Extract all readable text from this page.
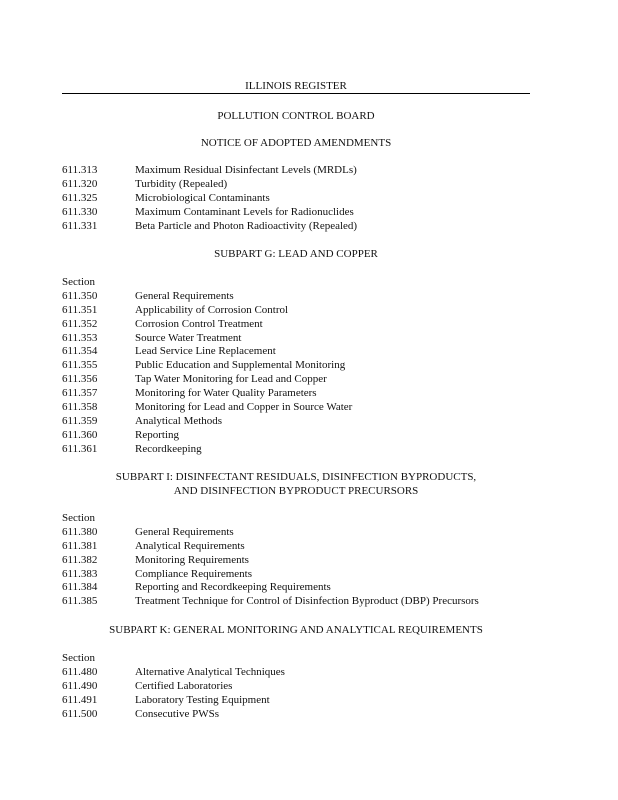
ILLINOIS REGISTER
POLLUTION CONTROL BOARD
NOTICE OF ADOPTED AMENDMENTS
611.313	Maximum Residual Disinfectant Levels (MRDLs)
611.320	Turbidity (Repealed)
611.325	Microbiological Contaminants
611.330	Maximum Contaminant Levels for Radionuclides
611.331	Beta Particle and Photon Radioactivity (Repealed)
SUBPART G: LEAD AND COPPER
Section
611.350	General Requirements
611.351	Applicability of Corrosion Control
611.352	Corrosion Control Treatment
611.353	Source Water Treatment
611.354	Lead Service Line Replacement
611.355	Public Education and Supplemental Monitoring
611.356	Tap Water Monitoring for Lead and Copper
611.357	Monitoring for Water Quality Parameters
611.358	Monitoring for Lead and Copper in Source Water
611.359	Analytical Methods
611.360	Reporting
611.361	Recordkeeping
SUBPART I: DISINFECTANT RESIDUALS, DISINFECTION BYPRODUCTS,
AND DISINFECTION BYPRODUCT PRECURSORS
Section
611.380	General Requirements
611.381	Analytical Requirements
611.382	Monitoring Requirements
611.383	Compliance Requirements
611.384	Reporting and Recordkeeping Requirements
611.385	Treatment Technique for Control of Disinfection Byproduct (DBP) Precursors
SUBPART K: GENERAL MONITORING AND ANALYTICAL REQUIREMENTS
Section
611.480	Alternative Analytical Techniques
611.490	Certified Laboratories
611.491	Laboratory Testing Equipment
611.500	Consecutive PWSs
